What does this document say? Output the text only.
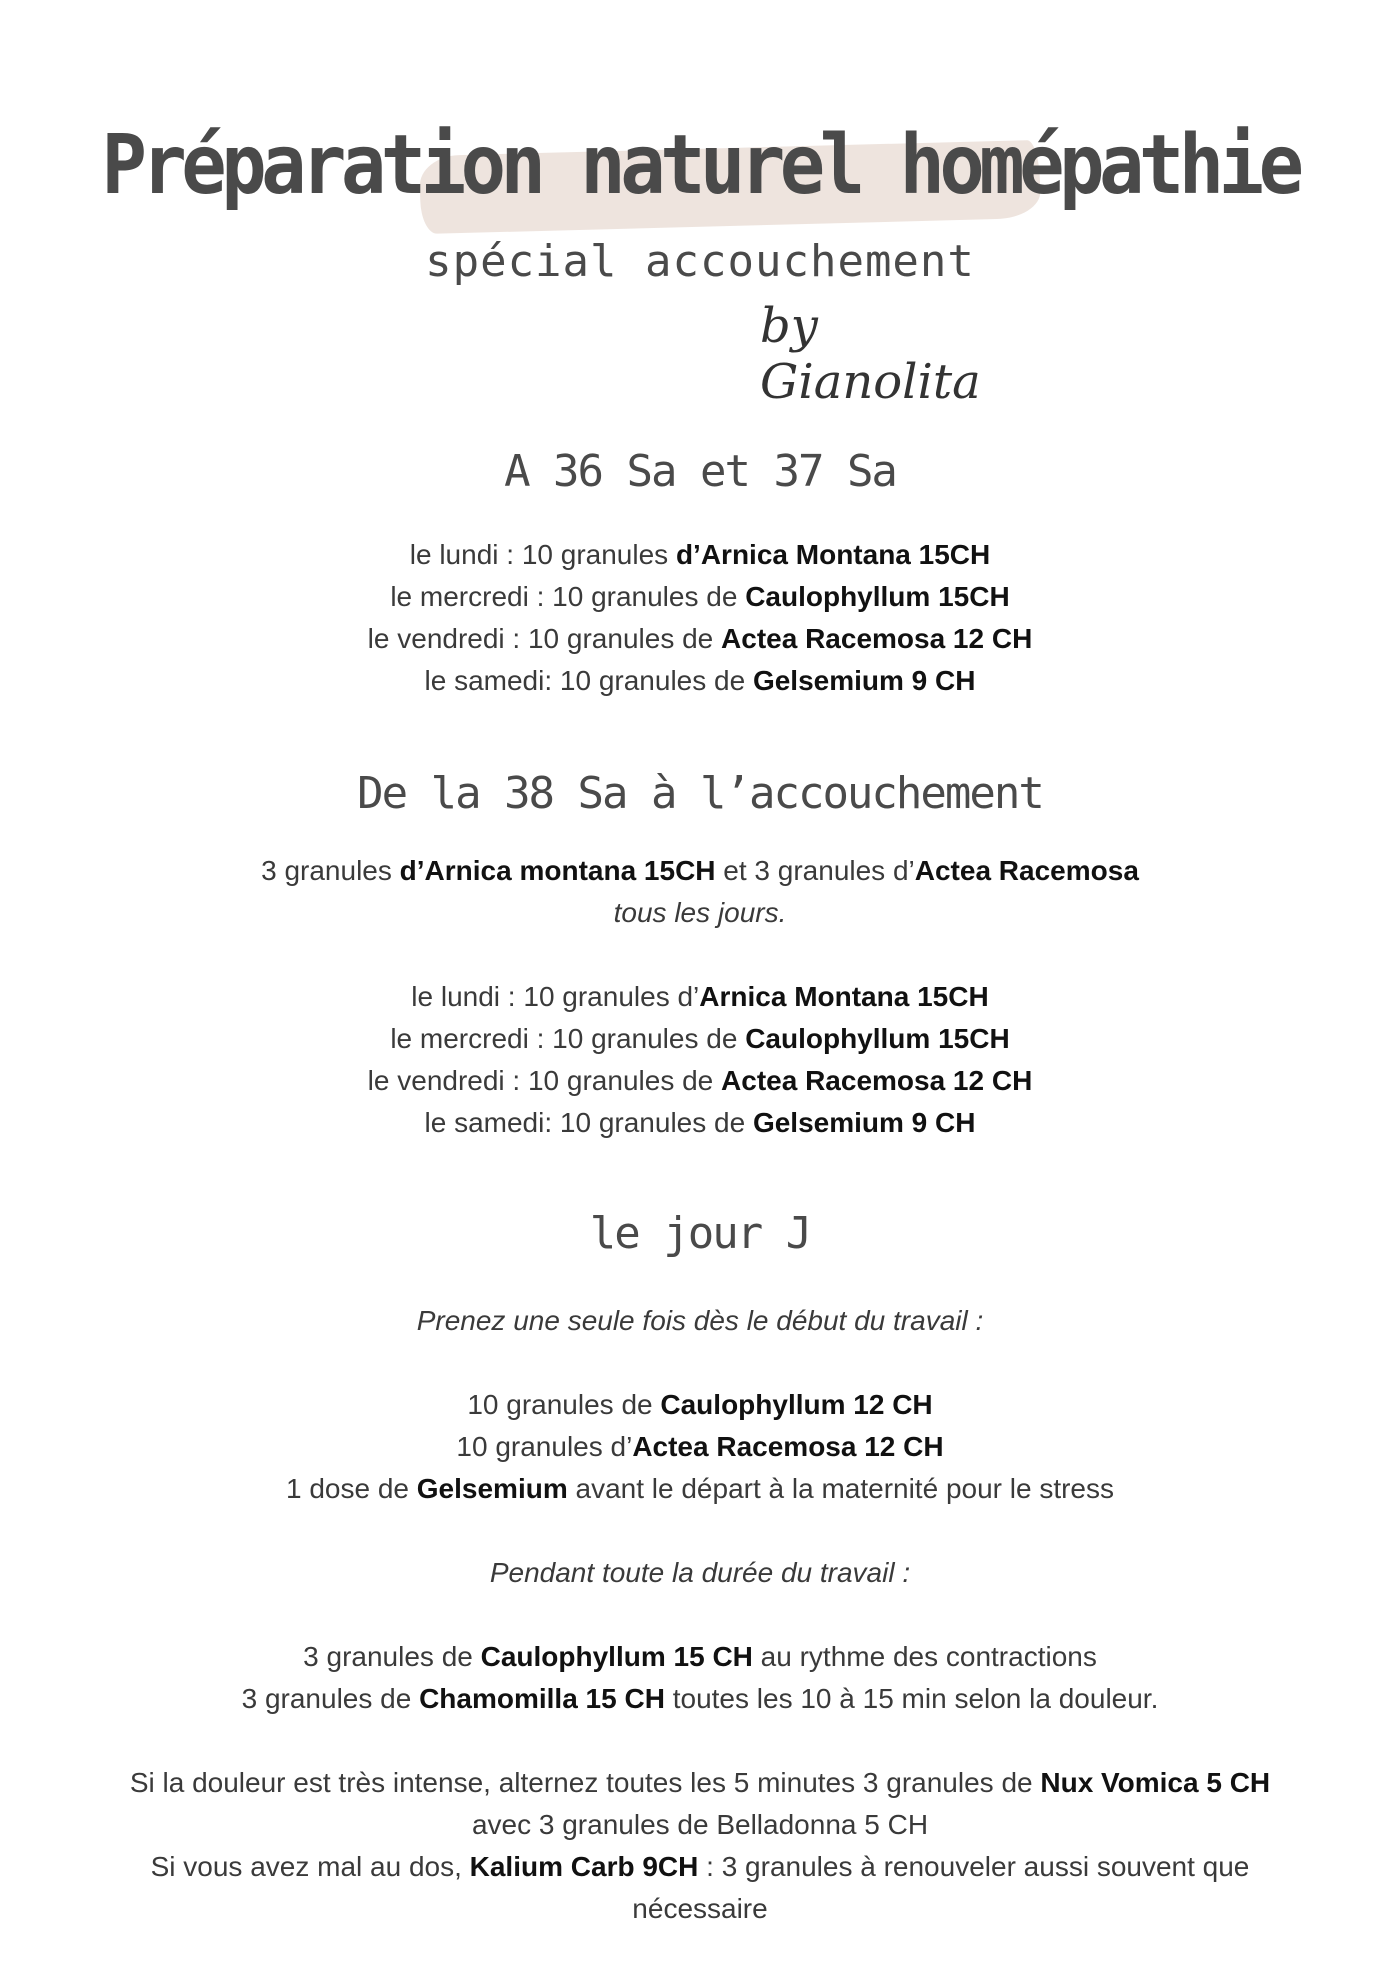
Préparation naturel homépathie
spécial accouchement
by Gianolita
A 36 Sa et 37 Sa
le lundi : 10 granules d’Arnica Montana 15CH
le mercredi : 10 granules de Caulophyllum 15CH
le vendredi : 10 granules de Actea Racemosa 12 CH
le samedi: 10 granules de Gelsemium 9 CH
De la 38 Sa à l’accouchement
3 granules d’Arnica montana 15CH et 3 granules d’Actea Racemosa
tous les jours.
le lundi : 10 granules d’Arnica Montana 15CH
le mercredi : 10 granules de Caulophyllum 15CH
le vendredi : 10 granules de Actea Racemosa 12 CH
le samedi: 10 granules de Gelsemium 9 CH
le jour J
Prenez une seule fois dès le début du travail :
10 granules de Caulophyllum 12 CH
10 granules d’Actea Racemosa 12 CH
1 dose de Gelsemium avant le départ à la maternité pour le stress
Pendant toute la durée du travail :
3 granules de Caulophyllum 15 CH au rythme des contractions
3 granules de Chamomilla 15 CH toutes les 10 à 15 min selon la douleur.
Si la douleur est très intense, alternez toutes les 5 minutes 3 granules de Nux Vomica 5 CH
avec 3 granules de Belladonna 5 CH
Si vous avez mal au dos, Kalium Carb 9CH : 3 granules à renouveler aussi souvent que
nécessaire
